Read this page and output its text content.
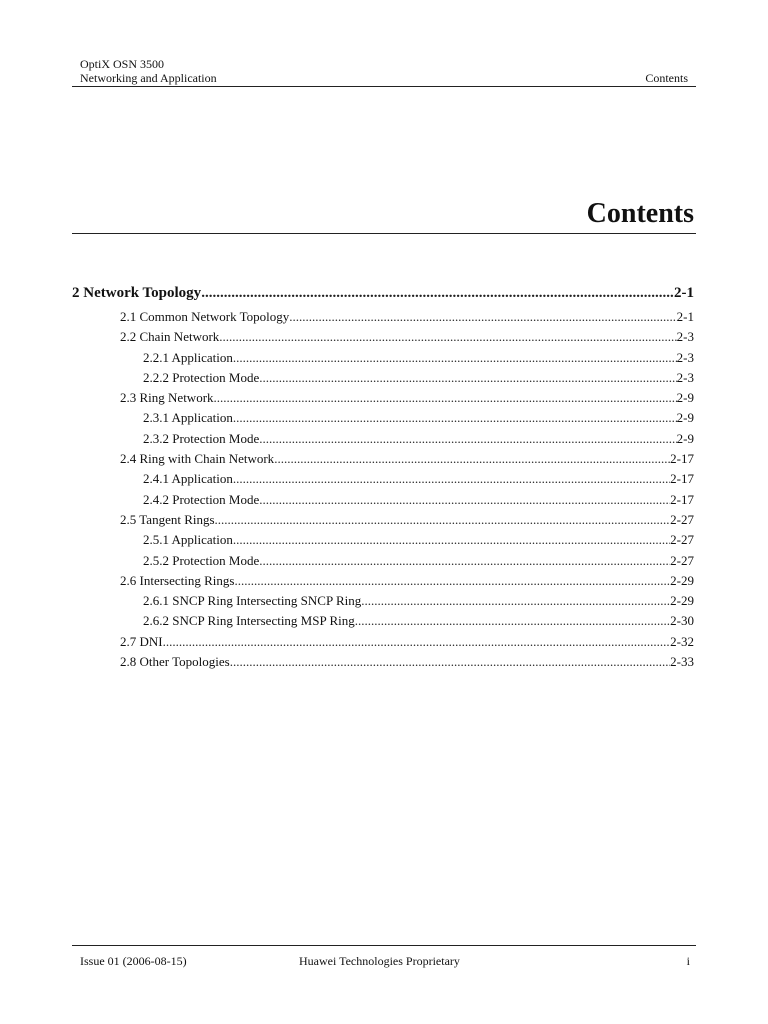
OptiX OSN 3500
Networking and Application	Contents
Contents
2 Network Topology .....	2-1
2.1 Common Network Topology .....	2-1
2.2 Chain Network .....	2-3
2.2.1 Application .....	2-3
2.2.2 Protection Mode .....	2-3
2.3 Ring Network .....	2-9
2.3.1 Application .....	2-9
2.3.2 Protection Mode .....	2-9
2.4 Ring with Chain Network .....	2-17
2.4.1 Application .....	2-17
2.4.2 Protection Mode .....	2-17
2.5 Tangent Rings .....	2-27
2.5.1 Application .....	2-27
2.5.2 Protection Mode .....	2-27
2.6 Intersecting Rings .....	2-29
2.6.1 SNCP Ring Intersecting SNCP Ring .....	2-29
2.6.2 SNCP Ring Intersecting MSP Ring .....	2-30
2.7 DNI .....	2-32
2.8 Other Topologies .....	2-33
Issue 01 (2006-08-15)	Huawei Technologies Proprietary	i
